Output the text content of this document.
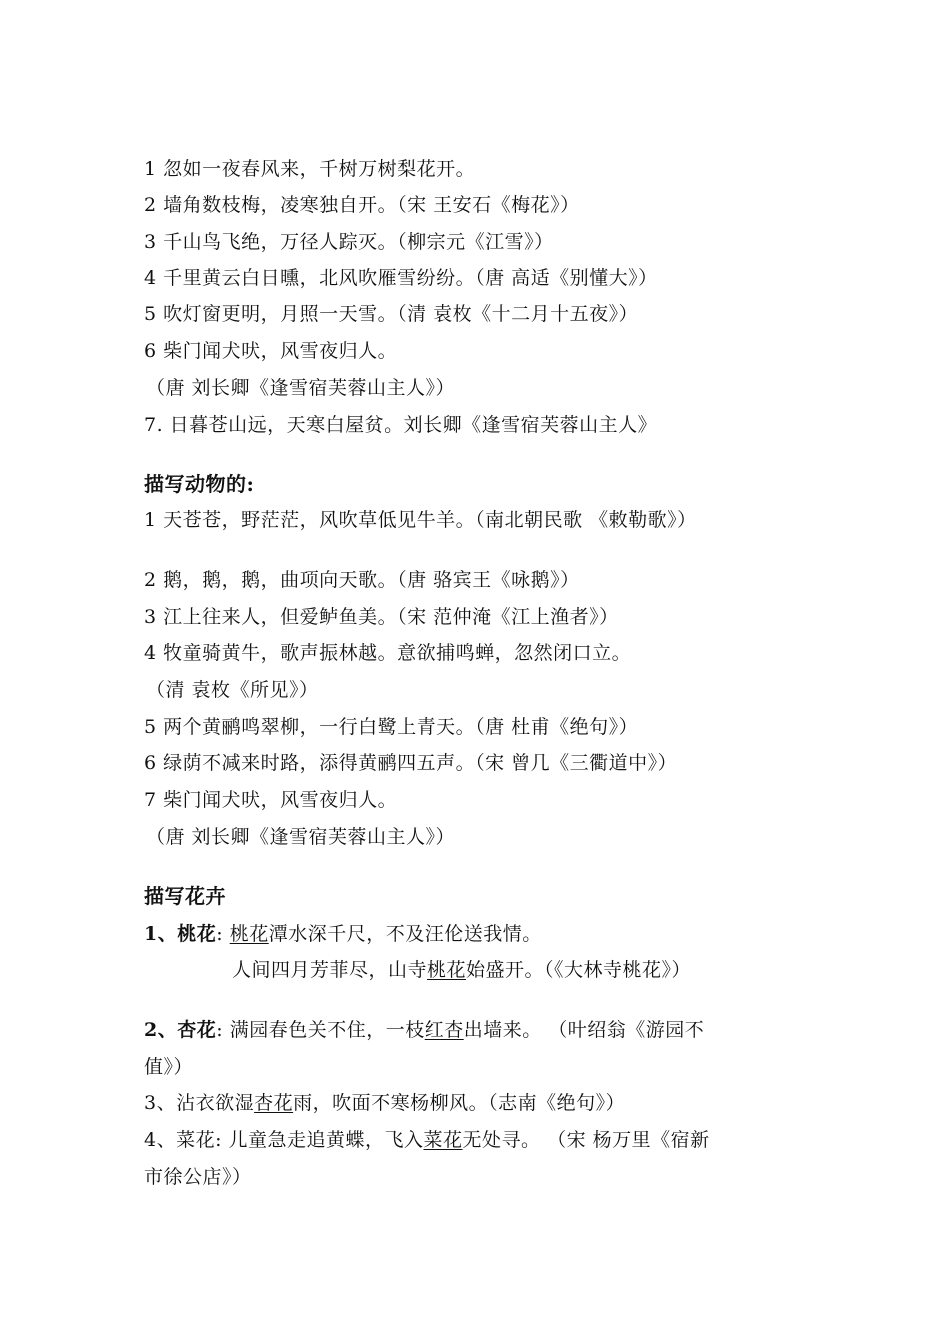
1 忽如一夜春风来，千树万树梨花开。
2 墙角数枝梅，凌寒独自开。（宋 王安石《梅花》）
3 千山鸟飞绝，万径人踪灭。（柳宗元《江雪》）
4 千里黄云白日曛，北风吹雁雪纷纷。（唐 高适《别懂大》）
5 吹灯窗更明，月照一天雪。（清 袁枚《十二月十五夜》）
6 柴门闻犬吠，风雪夜归人。
（唐 刘长卿《逢雪宿芙蓉山主人》）
7. 日暮苍山远，天寒白屋贫。刘长卿《逢雪宿芙蓉山主人》
描写动物的:
1 天苍苍，野茫茫，风吹草低见牛羊。（南北朝民歌 《敕勒歌》）
2 鹅，鹅，鹅，曲项向天歌。（唐 骆宾王《咏鹅》）
3 江上往来人，但爱鲈鱼美。（宋 范仲淹《江上渔者》）
4 牧童骑黄牛，歌声振林越。意欲捕鸣蝉，忽然闭口立。
（清 袁枚《所见》）
5 两个黄鹂鸣翠柳，一行白鹭上青天。（唐 杜甫《绝句》）
6 绿荫不减来时路，添得黄鹂四五声。（宋 曾几《三衢道中》）
7 柴门闻犬吠，风雪夜归人。
（唐 刘长卿《逢雪宿芙蓉山主人》）
描写花卉
1、桃花: 桃花潭水深千尺，不及汪伦送我情。
人间四月芳菲尽，山寺桃花始盛开。（《大林寺桃花》）
2、杏花: 满园春色关不住，一枝红杏出墙来。 （叶绍翁《游园不
值》）
3、沾衣欲湿杏花雨，吹面不寒杨柳风。（志南《绝句》）
4、菜花: 儿童急走追黄蝶，飞入菜花无处寻。 （宋 杨万里《宿新
市徐公店》）
